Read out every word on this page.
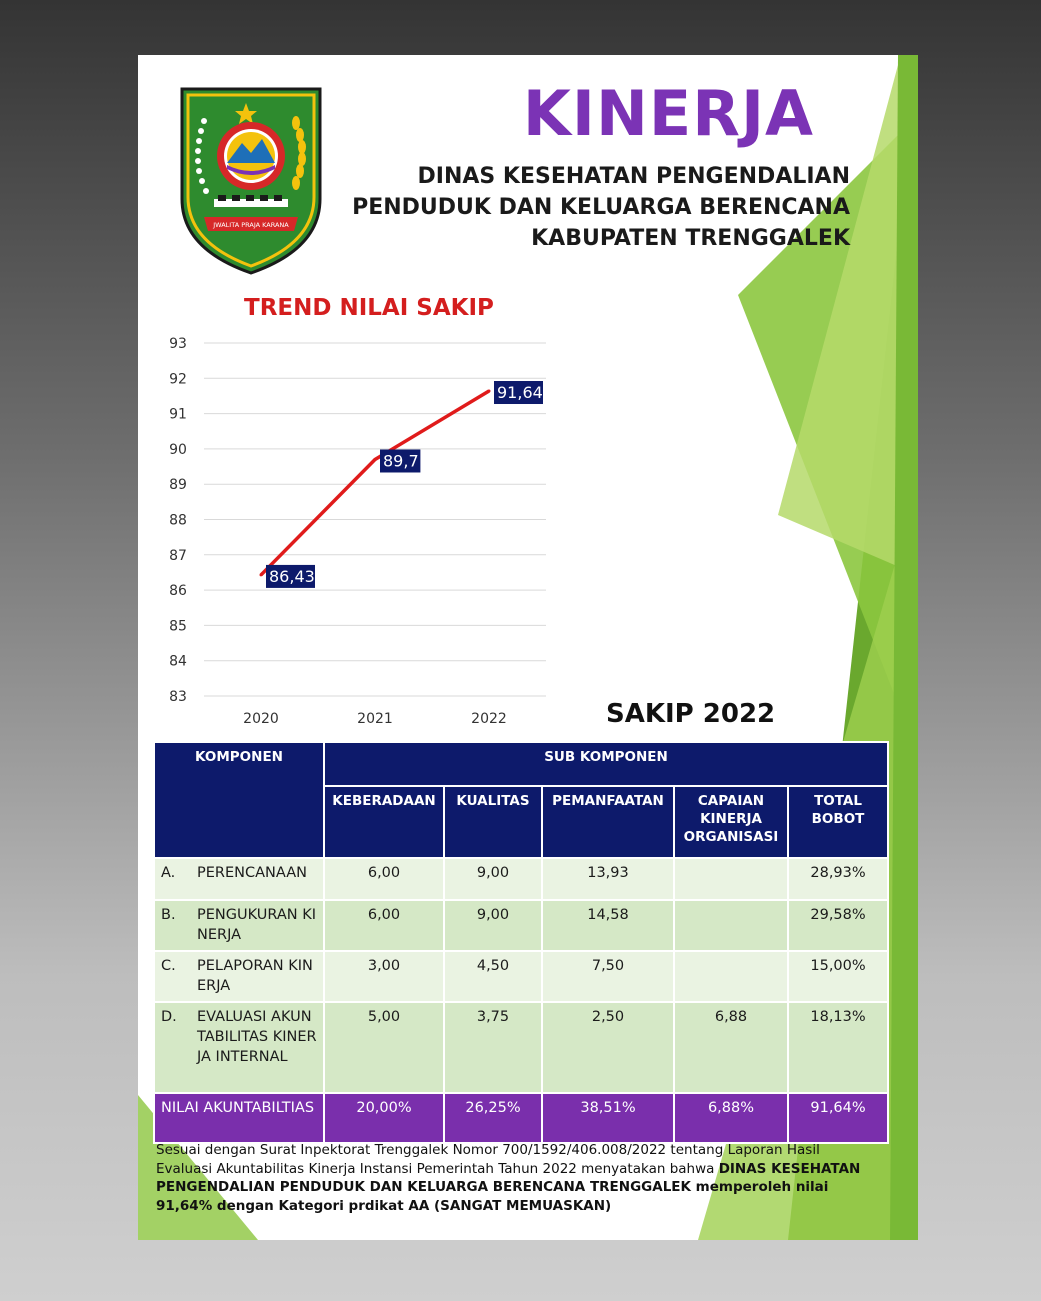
JWALITA PRAJA KARANA
KINERJA
DINAS KESEHATAN PENGENDALIAN
PENDUDUK DAN KELUARGA BERENCANA
KABUPATEN TRENGGALEK
TREND NILAI SAKIP
83
84
85
86
87
88
89
90
91
92
93
2020	2021	2022
86,43
89,7
91,64
SAKIP 2022
KOMPONEN	SUB KOMPONEN				
	KEBERADAAN	KUALITAS	PEMANFAATAN	CAPAIAN KINERJA ORGANISASI	TOTAL BOBOT
A. PERENCANAAN	6,00	9,00	13,93		28,93%
B. PENGUKURAN KINERJA	6,00	9,00	14,58		29,58%
C. PELAPORAN KINERJA	3,00	4,50	7,50		15,00%
D. EVALUASI AKUNTABILITAS KINERJA INTERNAL	5,00	3,75	2,50	6,88	18,13%
NILAI AKUNTABILTIAS	20,00%	26,25%	38,51%	6,88%	91,64%
Sesuai dengan Surat Inpektorat Trenggalek Nomor 700/1592/406.008/2022 tentang Laporan Hasil Evaluasi Akuntabilitas Kinerja Instansi Pemerintah Tahun 2022 menyatakan bahwa DINAS KESEHATAN PENGENDALIAN PENDUDUK DAN KELUARGA BERENCANA TRENGGALEK memperoleh nilai 91,64% dengan Kategori prdikat AA (SANGAT MEMUASKAN)
